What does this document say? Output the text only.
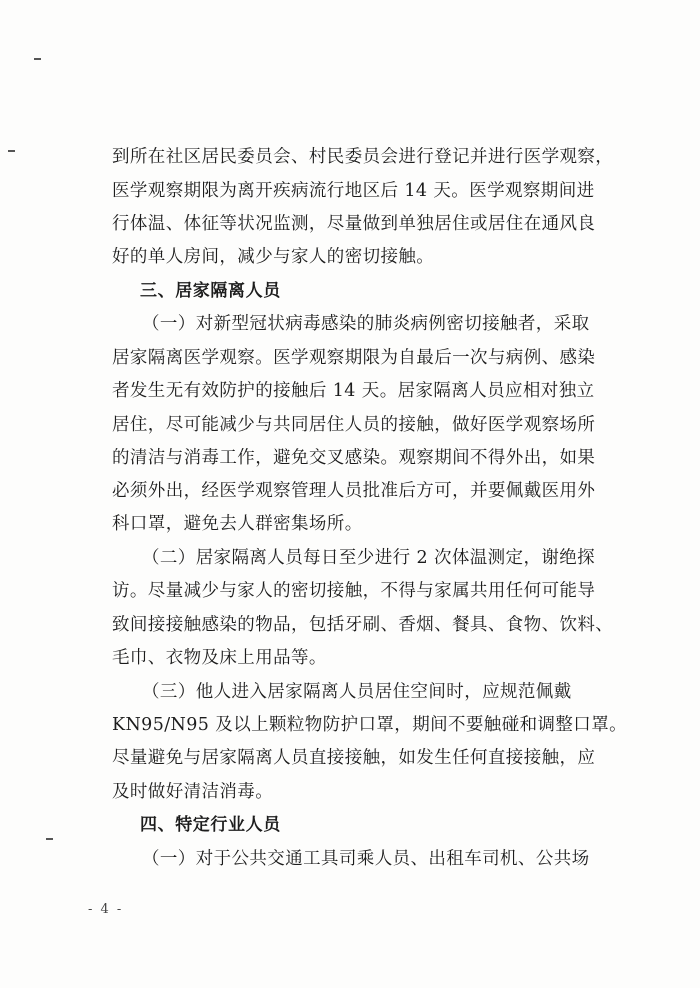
到所在社区居民委员会、村民委员会进行登记并进行医学观察，
医学观察期限为离开疾病流行地区后 14 天。医学观察期间进
行体温、体征等状况监测，尽量做到单独居住或居住在通风良
好的单人房间，减少与家人的密切接触。
三、居家隔离人员
（一）对新型冠状病毒感染的肺炎病例密切接触者，采取
居家隔离医学观察。医学观察期限为自最后一次与病例、感染
者发生无有效防护的接触后 14 天。居家隔离人员应相对独立
居住，尽可能减少与共同居住人员的接触，做好医学观察场所
的清洁与消毒工作，避免交叉感染。观察期间不得外出，如果
必须外出，经医学观察管理人员批准后方可，并要佩戴医用外
科口罩，避免去人群密集场所。
（二）居家隔离人员每日至少进行 2 次体温测定，谢绝探
访。尽量减少与家人的密切接触，不得与家属共用任何可能导
致间接接触感染的物品，包括牙刷、香烟、餐具、食物、饮料、
毛巾、衣物及床上用品等。
（三）他人进入居家隔离人员居住空间时，应规范佩戴
KN95/N95 及以上颗粒物防护口罩，期间不要触碰和调整口罩。
尽量避免与居家隔离人员直接接触，如发生任何直接接触，应
及时做好清洁消毒。
四、特定行业人员
（一）对于公共交通工具司乘人员、出租车司机、公共场
- 4 -
